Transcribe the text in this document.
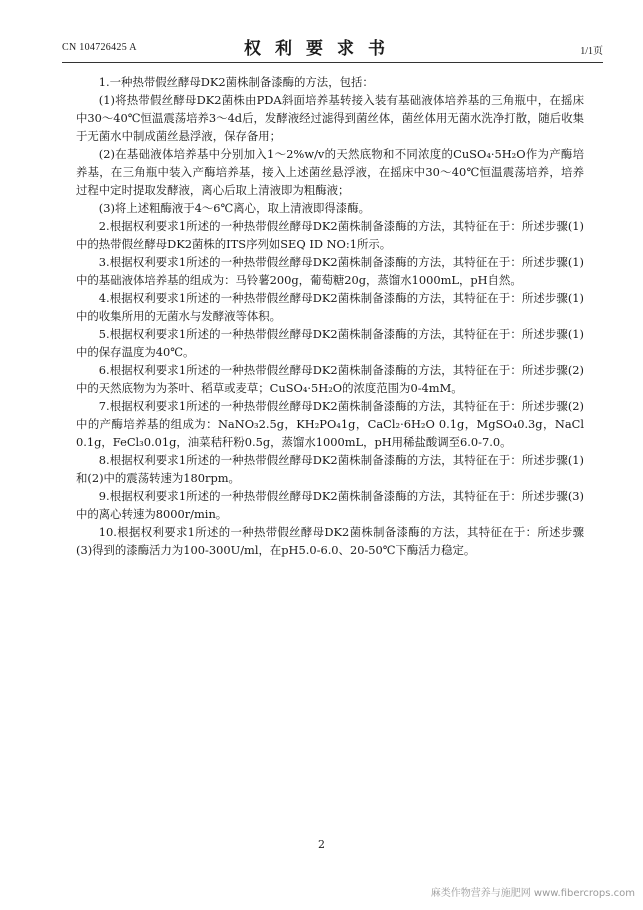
CN 104726425 A	权利要求书	1/1页

1.一种热带假丝酵母DK2菌株制备漆酶的方法，包括：

(1)将热带假丝酵母DK2菌株由PDA斜面培养基转接入装有基础液体培养基的三角瓶中，在摇床中30～40℃恒温震荡培养3～4d后，发酵液经过滤得到菌丝体，菌丝体用无菌水洗净打散，随后收集于无菌水中制成菌丝悬浮液，保存备用；

(2)在基础液体培养基中分别加入1～2%w/v的天然底物和不同浓度的CuSO₄·5H₂O作为产酶培养基，在三角瓶中装入产酶培养基，接入上述菌丝悬浮液，在摇床中30～40℃恒温震荡培养，培养过程中定时提取发酵液，离心后取上清液即为粗酶液；

(3)将上述粗酶液于4～6℃离心，取上清液即得漆酶。

2.根据权利要求1所述的一种热带假丝酵母DK2菌株制备漆酶的方法，其特征在于：所述步骤(1)中的热带假丝酵母DK2菌株的ITS序列如SEQ ID NO:1所示。

3.根据权利要求1所述的一种热带假丝酵母DK2菌株制备漆酶的方法，其特征在于：所述步骤(1)中的基础液体培养基的组成为：马铃薯200g，葡萄糖20g，蒸馏水1000mL，pH自然。

4.根据权利要求1所述的一种热带假丝酵母DK2菌株制备漆酶的方法，其特征在于：所述步骤(1)中的收集所用的无菌水与发酵液等体积。

5.根据权利要求1所述的一种热带假丝酵母DK2菌株制备漆酶的方法，其特征在于：所述步骤(1)中的保存温度为40℃。

6.根据权利要求1所述的一种热带假丝酵母DK2菌株制备漆酶的方法，其特征在于：所述步骤(2)中的天然底物为为茶叶、稻草或麦草；CuSO₄·5H₂O的浓度范围为0-4mM。

7.根据权利要求1所述的一种热带假丝酵母DK2菌株制备漆酶的方法，其特征在于：所述步骤(2)中的产酶培养基的组成为：NaNO₃2.5g，KH₂PO₄1g，CaCl₂·6H₂O 0.1g，MgSO₄0.3g，NaCl 0.1g，FeCl₃0.01g，油菜秸秆粉0.5g，蒸馏水1000mL，pH用稀盐酸调至6.0-7.0。

8.根据权利要求1所述的一种热带假丝酵母DK2菌株制备漆酶的方法，其特征在于：所述步骤(1)和(2)中的震荡转速为180rpm。

9.根据权利要求1所述的一种热带假丝酵母DK2菌株制备漆酶的方法，其特征在于：所述步骤(3)中的离心转速为8000r/min。

10.根据权利要求1所述的一种热带假丝酵母DK2菌株制备漆酶的方法，其特征在于：所述步骤(3)得到的漆酶活力为100-300U/ml，在pH5.0-6.0、20-50℃下酶活力稳定。

2
麻类作物营养与施肥网 www.fibercrops.com
